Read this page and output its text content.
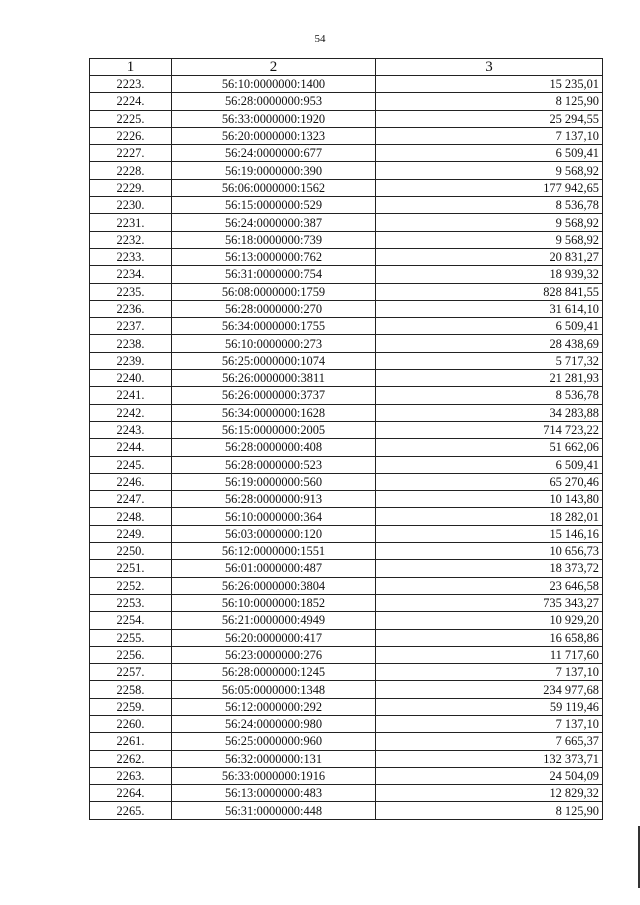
54
1	2	3
2223.	56:10:0000000:1400	15 235,01
2224.	56:28:0000000:953	8 125,90
2225.	56:33:0000000:1920	25 294,55
2226.	56:20:0000000:1323	7 137,10
2227.	56:24:0000000:677	6 509,41
2228.	56:19:0000000:390	9 568,92
2229.	56:06:0000000:1562	177 942,65
2230.	56:15:0000000:529	8 536,78
2231.	56:24:0000000:387	9 568,92
2232.	56:18:0000000:739	9 568,92
2233.	56:13:0000000:762	20 831,27
2234.	56:31:0000000:754	18 939,32
2235.	56:08:0000000:1759	828 841,55
2236.	56:28:0000000:270	31 614,10
2237.	56:34:0000000:1755	6 509,41
2238.	56:10:0000000:273	28 438,69
2239.	56:25:0000000:1074	5 717,32
2240.	56:26:0000000:3811	21 281,93
2241.	56:26:0000000:3737	8 536,78
2242.	56:34:0000000:1628	34 283,88
2243.	56:15:0000000:2005	714 723,22
2244.	56:28:0000000:408	51 662,06
2245.	56:28:0000000:523	6 509,41
2246.	56:19:0000000:560	65 270,46
2247.	56:28:0000000:913	10 143,80
2248.	56:10:0000000:364	18 282,01
2249.	56:03:0000000:120	15 146,16
2250.	56:12:0000000:1551	10 656,73
2251.	56:01:0000000:487	18 373,72
2252.	56:26:0000000:3804	23 646,58
2253.	56:10:0000000:1852	735 343,27
2254.	56:21:0000000:4949	10 929,20
2255.	56:20:0000000:417	16 658,86
2256.	56:23:0000000:276	11 717,60
2257.	56:28:0000000:1245	7 137,10
2258.	56:05:0000000:1348	234 977,68
2259.	56:12:0000000:292	59 119,46
2260.	56:24:0000000:980	7 137,10
2261.	56:25:0000000:960	7 665,37
2262.	56:32:0000000:131	132 373,71
2263.	56:33:0000000:1916	24 504,09
2264.	56:13:0000000:483	12 829,32
2265.	56:31:0000000:448	8 125,90
